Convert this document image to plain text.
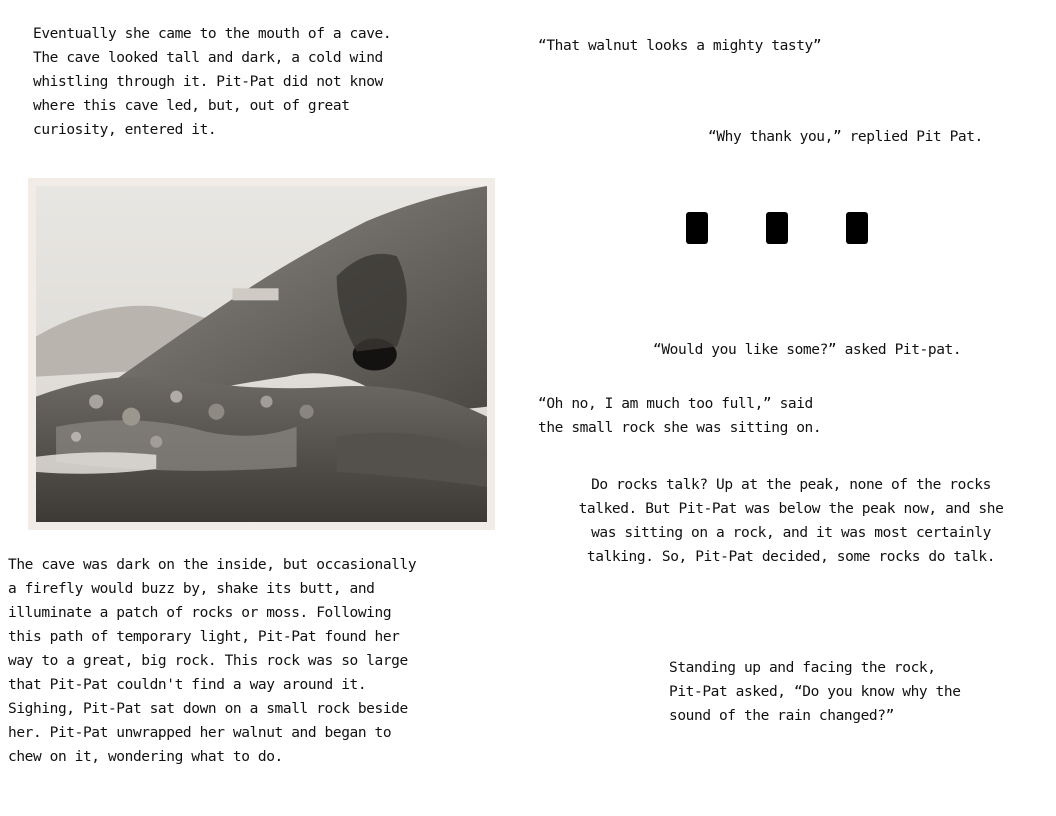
Eventually she came to the mouth of a cave.
The cave looked tall and dark, a cold wind
whistling through it. Pit-Pat did not know
where this cave led, but, out of great
curiosity, entered it.

The cave was dark on the inside, but occasionally
a firefly would buzz by, shake its butt, and
illuminate a patch of rocks or moss. Following
this path of temporary light, Pit-Pat found her
way to a great, big rock. This rock was so large
that Pit-Pat couldn't find a way around it.
Sighing, Pit-Pat sat down on a small rock beside
her. Pit-Pat unwrapped her walnut and began to
chew on it, wondering what to do.

“That walnut looks a mighty tasty”

“Why thank you,” replied Pit Pat.

“Would you like some?” asked Pit-pat.

“Oh no, I am much too full,” said
the small rock she was sitting on.

Do rocks talk? Up at the peak, none of the rocks
talked. But Pit-Pat was below the peak now, and she
was sitting on a rock, and it was most certainly
talking. So, Pit-Pat decided, some rocks do talk.

Standing up and facing the rock,
Pit-Pat asked, “Do you know why the
sound of the rain changed?”
